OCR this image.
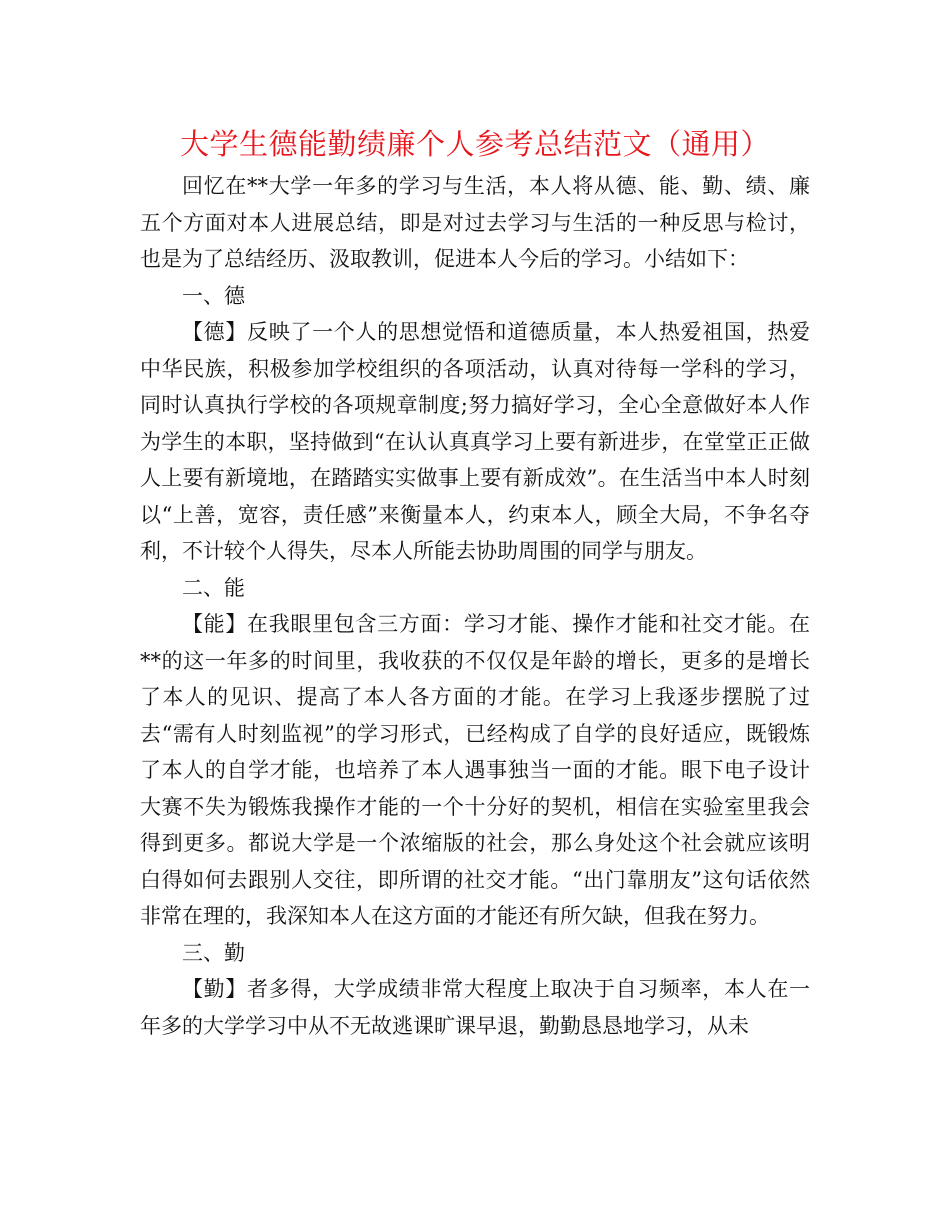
大学生德能勤绩廉个人参考总结范文（通用）

回忆在**大学一年多的学习与生活，本人将从德、能、勤、绩、廉五个方面对本人进展总结，即是对过去学习与生活的一种反思与检讨，也是为了总结经历、汲取教训，促进本人今后的学习。小结如下：

一、德

【德】反映了一个人的思想觉悟和道德质量，本人热爱祖国，热爱中华民族，积极参加学校组织的各项活动，认真对待每一学科的学习，同时认真执行学校的各项规章制度;努力搞好学习，全心全意做好本人作为学生的本职，坚持做到“在认认真真学习上要有新进步，在堂堂正正做人上要有新境地，在踏踏实实做事上要有新成效”。在生活当中本人时刻以“上善，宽容，责任感”来衡量本人，约束本人，顾全大局，不争名夺利，不计较个人得失，尽本人所能去协助周围的同学与朋友。

二、能

【能】在我眼里包含三方面：学习才能、操作才能和社交才能。在**的这一年多的时间里，我收获的不仅仅是年龄的增长，更多的是增长了本人的见识、提高了本人各方面的才能。在学习上我逐步摆脱了过去“需有人时刻监视”的学习形式，已经构成了自学的良好适应，既锻炼了本人的自学才能，也培养了本人遇事独当一面的才能。眼下电子设计大赛不失为锻炼我操作才能的一个十分好的契机，相信在实验室里我会得到更多。都说大学是一个浓缩版的社会，那么身处这个社会就应该明白得如何去跟别人交往，即所谓的社交才能。“出门靠朋友”这句话依然非常在理的，我深知本人在这方面的才能还有所欠缺，但我在努力。

三、勤

【勤】者多得，大学成绩非常大程度上取决于自习频率，本人在一年多的大学学习中从不无故逃课旷课早退，勤勤恳恳地学习，从未
